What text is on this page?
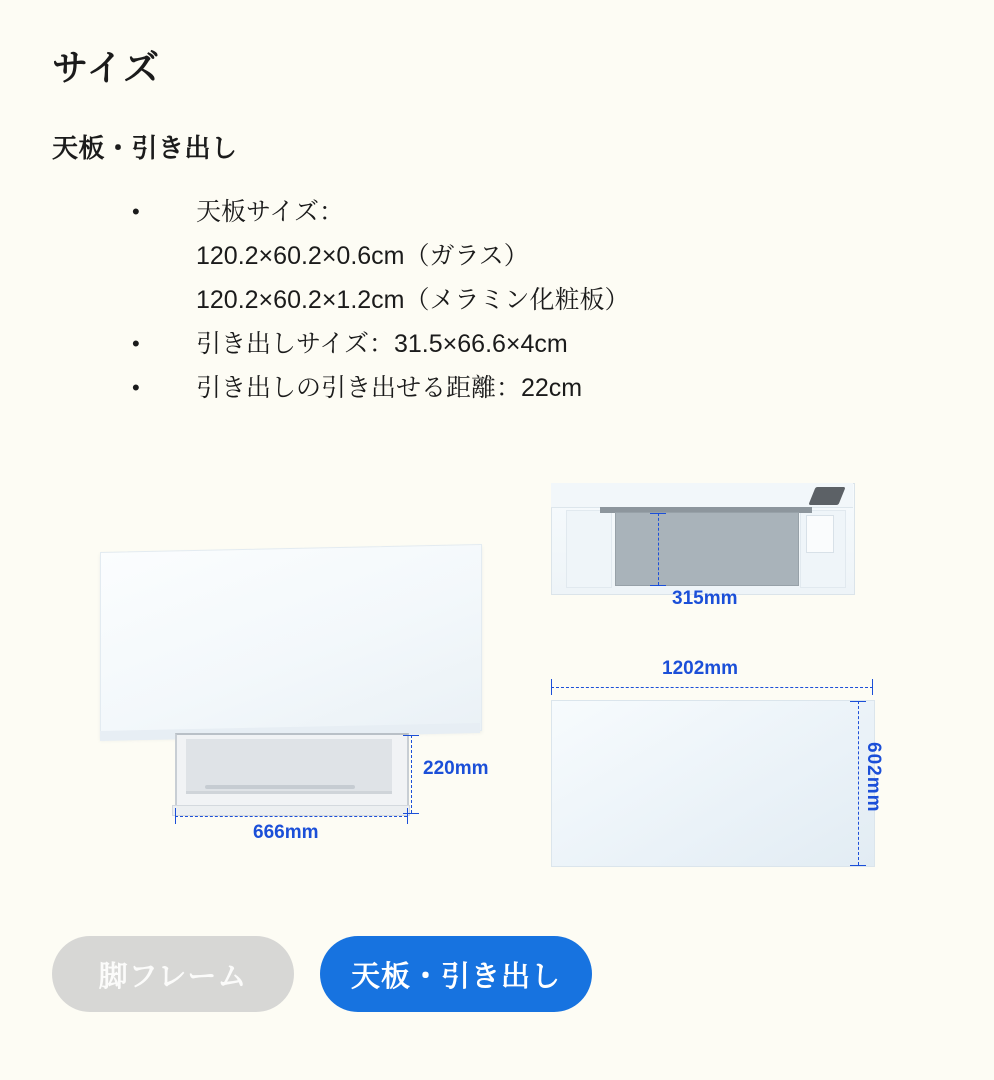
サイズ
天板・引き出し
• 天板サイズ：
120.2×60.2×0.6cm（ガラス）
120.2×60.2×1.2cm（メラミン化粧板）
• 引き出しサイズ：31.5×66.6×4cm
• 引き出しの引き出せる距離：22cm
220mm
666mm
315mm
1202mm
602mm
脚フレーム	天板・引き出し
